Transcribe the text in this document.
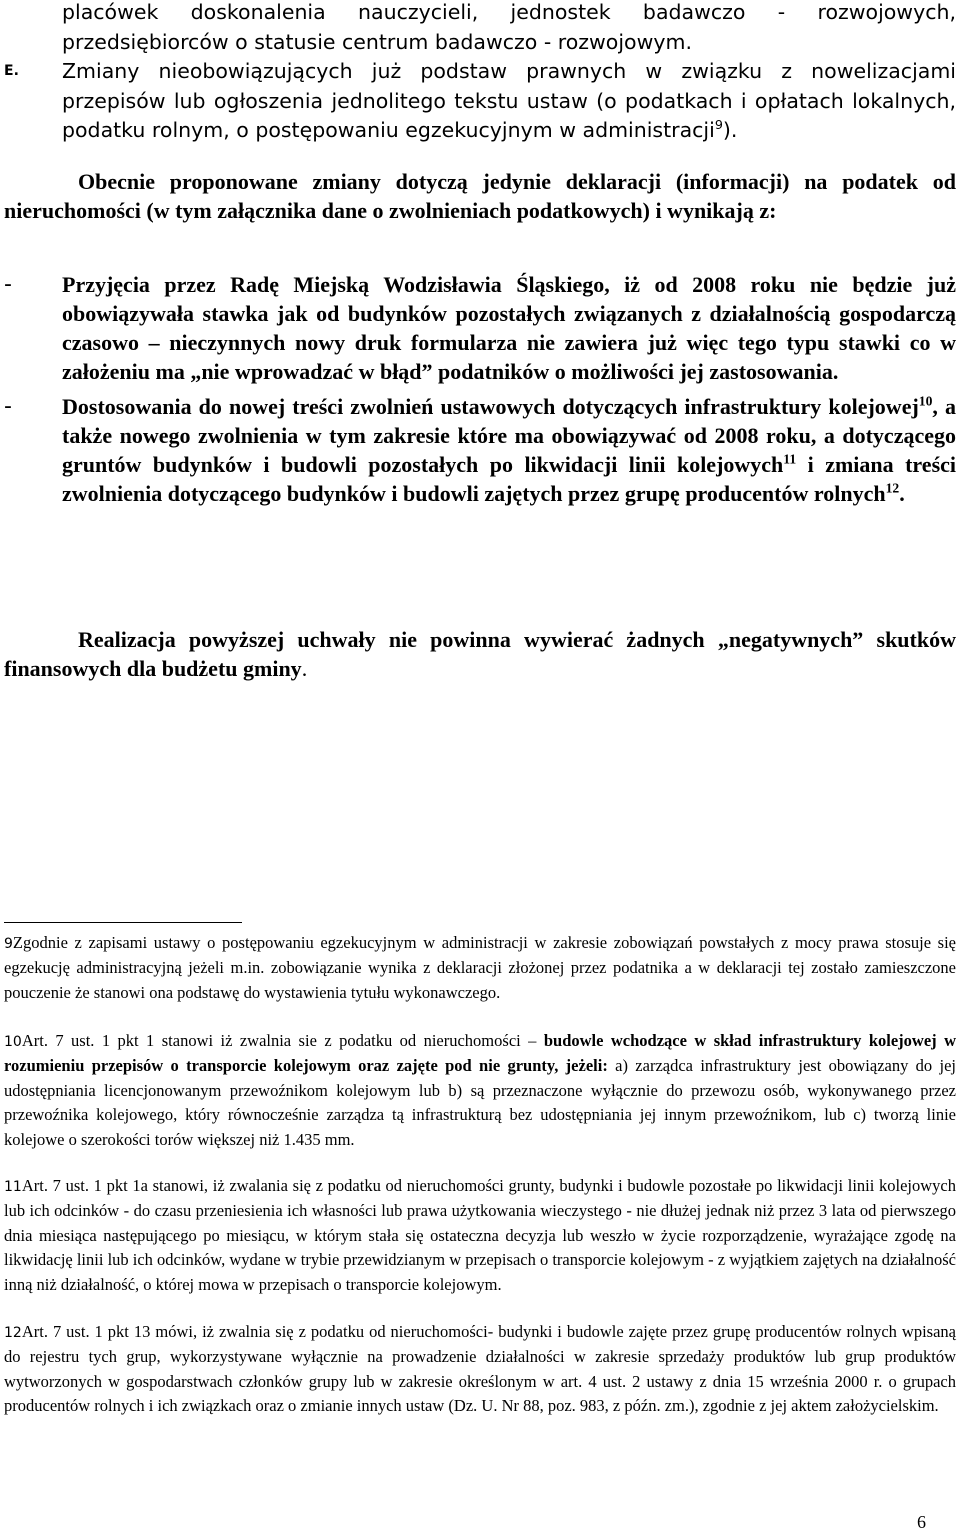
placówek doskonalenia nauczycieli, jednostek badawczo - rozwojowych, przedsiębiorców o statusie centrum badawczo - rozwojowym.

E. Zmiany nieobowiązujących już podstaw prawnych w związku z nowelizacjami przepisów lub ogłoszenia jednolitego tekstu ustaw (o podatkach i opłatach lokalnych, podatku rolnym, o postępowaniu egzekucyjnym w administracji$^9$).

Obecnie proponowane zmiany dotyczą jedynie deklaracji (informacji) na podatek od nieruchomości (w tym załącznika dane o zwolnieniach podatkowych) i wynikają z:

- Przyjęcia przez Radę Miejską Wodzisławia Śląskiego, iż od 2008 roku nie będzie już obowiązywała stawka jak od budynków pozostałych związanych z działalnością gospodarczą czasowo – nieczynnych nowy druk formularza nie zawiera już więc tego typu stawki co w założeniu ma „nie wprowadzać w błąd” podatników o możliwości jej zastosowania.
- Dostosowania do nowej treści zwolnień ustawowych dotyczących infrastruktury kolejowej$^{10}$, a także nowego zwolnienia w tym zakresie które ma obowiązywać od 2008 roku, a dotyczącego gruntów budynków i budowli pozostałych po likwidacji linii kolejowych$^{11}$ i zmiana treści zwolnienia dotyczącego budynków i budowli zajętych przez grupę producentów rolnych$^{12}$.

Realizacja powyższej uchwały nie powinna wywierać żadnych „negatywnych” skutków finansowych dla budżetu gminy.

9Zgodnie z zapisami ustawy o postępowaniu egzekucyjnym w administracji w zakresie zobowiązań powstałych z mocy prawa stosuje się egzekucję administracyjną jeżeli m.in. zobowiązanie wynika z deklaracji złożonej przez podatnika a w deklaracji tej zostało zamieszczone pouczenie że stanowi ona podstawę do wystawienia tytułu wykonawczego.
10Art. 7 ust. 1 pkt 1 stanowi iż zwalnia sie z podatku od nieruchomości – budowle wchodzące w skład infrastruktury kolejowej w rozumieniu przepisów o transporcie kolejowym oraz zajęte pod nie grunty, jeżeli: a) zarządca infrastruktury jest obowiązany do jej udostępniania licencjonowanym przewoźnikom kolejowym lub b) są przeznaczone wyłącznie do przewozu osób, wykonywanego przez przewoźnika kolejowego, który równocześnie zarządza tą infrastrukturą bez udostępniania jej innym przewoźnikom, lub c) tworzą linie kolejowe o szerokości torów większej niż 1.435 mm.
11Art. 7 ust. 1 pkt 1a stanowi, iż zwalania się z podatku od nieruchomości grunty, budynki i budowle pozostałe po likwidacji linii kolejowych lub ich odcinków - do czasu przeniesienia ich własności lub prawa użytkowania wieczystego - nie dłużej jednak niż przez 3 lata od pierwszego dnia miesiąca następującego po miesiącu, w którym stała się ostateczna decyzja lub weszło w życie rozporządzenie, wyrażające zgodę na likwidację linii lub ich odcinków, wydane w trybie przewidzianym w przepisach o transporcie kolejowym - z wyjątkiem zajętych na działalność inną niż działalność, o której mowa w przepisach o transporcie kolejowym.
12Art. 7 ust. 1 pkt 13 mówi, iż zwalnia się z podatku od nieruchomości- budynki i budowle zajęte przez grupę producentów rolnych wpisaną do rejestru tych grup, wykorzystywane wyłącznie na prowadzenie działalności w zakresie sprzedaży produktów lub grup produktów wytworzonych w gospodarstwach członków grupy lub w zakresie określonym w art. 4 ust. 2 ustawy z dnia 15 września 2000 r. o grupach producentów rolnych i ich związkach oraz o zmianie innych ustaw (Dz. U. Nr 88, poz. 983, z późn. zm.), zgodnie z jej aktem założycielskim.
6
